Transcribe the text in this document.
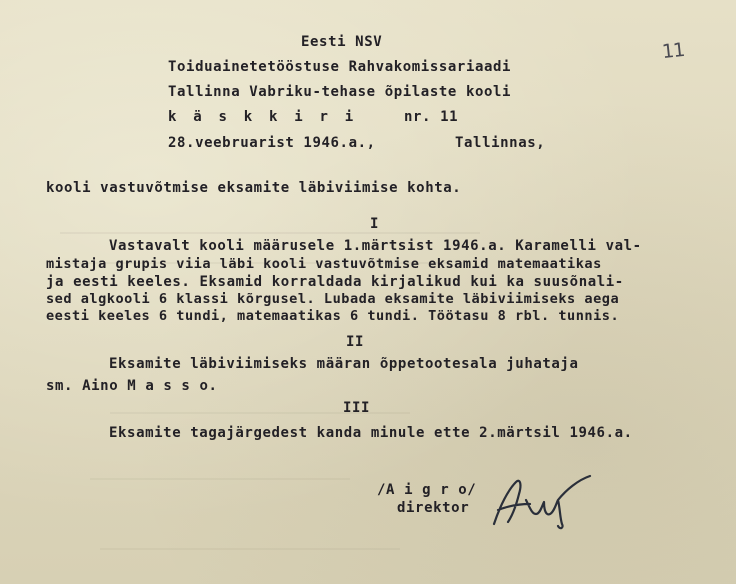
11
Eesti NSV
Toiduainetetööstuse Rahvakomissariaadi
Tallinna Vabriku-tehase õpilaste kooli
k ä s k k i r i	nr. 11
28.veebruarist 1946.a.,	Tallinnas,
kooli vastuvõtmise eksamite läbiviimise kohta.
I
Vastavalt kooli määrusele 1.märtsist 1946.a. Karamelli val-
mistaja grupis viia läbi kooli vastuvõtmise eksamid matemaatikas
ja eesti keeles. Eksamid korraldada kirjalikud kui ka suusõnali-
sed algkooli 6 klassi kõrgusel. Lubada eksamite läbiviimiseks aega
eesti keeles 6 tundi, matemaatikas 6 tundi. Töötasu 8 rbl. tunnis.
II
Eksamite läbiviimiseks määran õppetootesala juhataja
sm. Aino M a s s o.
III
Eksamite tagajärgedest kanda minule ette 2.märtsil 1946.a.
/A i g r o/
direktor
